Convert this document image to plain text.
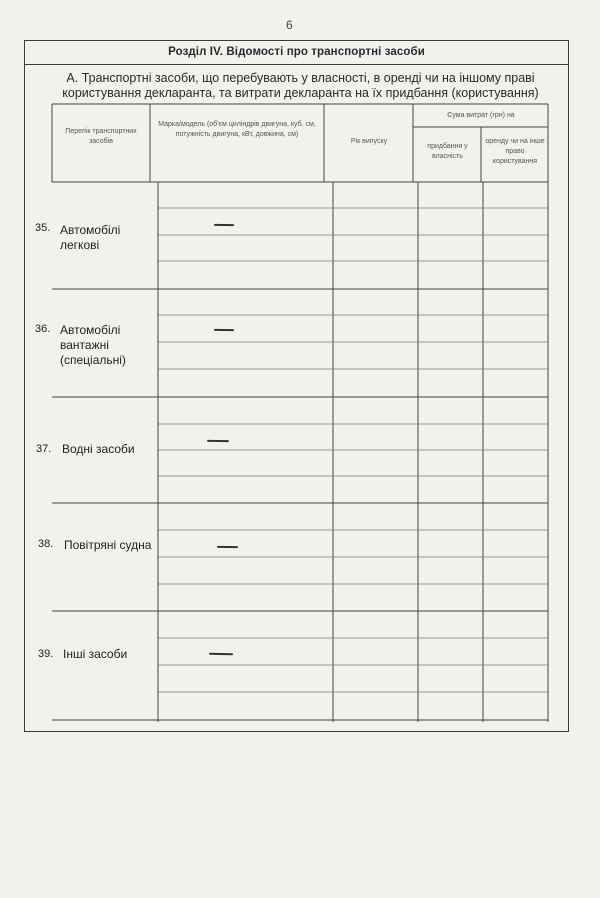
6
Розділ IV. Відомості про транспортні засоби
А. Транспортні засоби, що перебувають у власності, в оренді чи на іншому праві користування декларанта, та витрати декларанта на їх придбання (користування)
Перелік транспортних засобів
Марка/модель (об'єм циліндрів двигуна, куб. см, потужність двигуна, кВт, довжина, см)
Рік випуску
Сума витрат (грн) на
придбання у власність
оренду чи на інше право користування
35. Автомобілі
легкові
36. Автомобілі
вантажні
(спеціальні)
37. Водні засоби
38. Повітряні судна
39. Інші засоби
